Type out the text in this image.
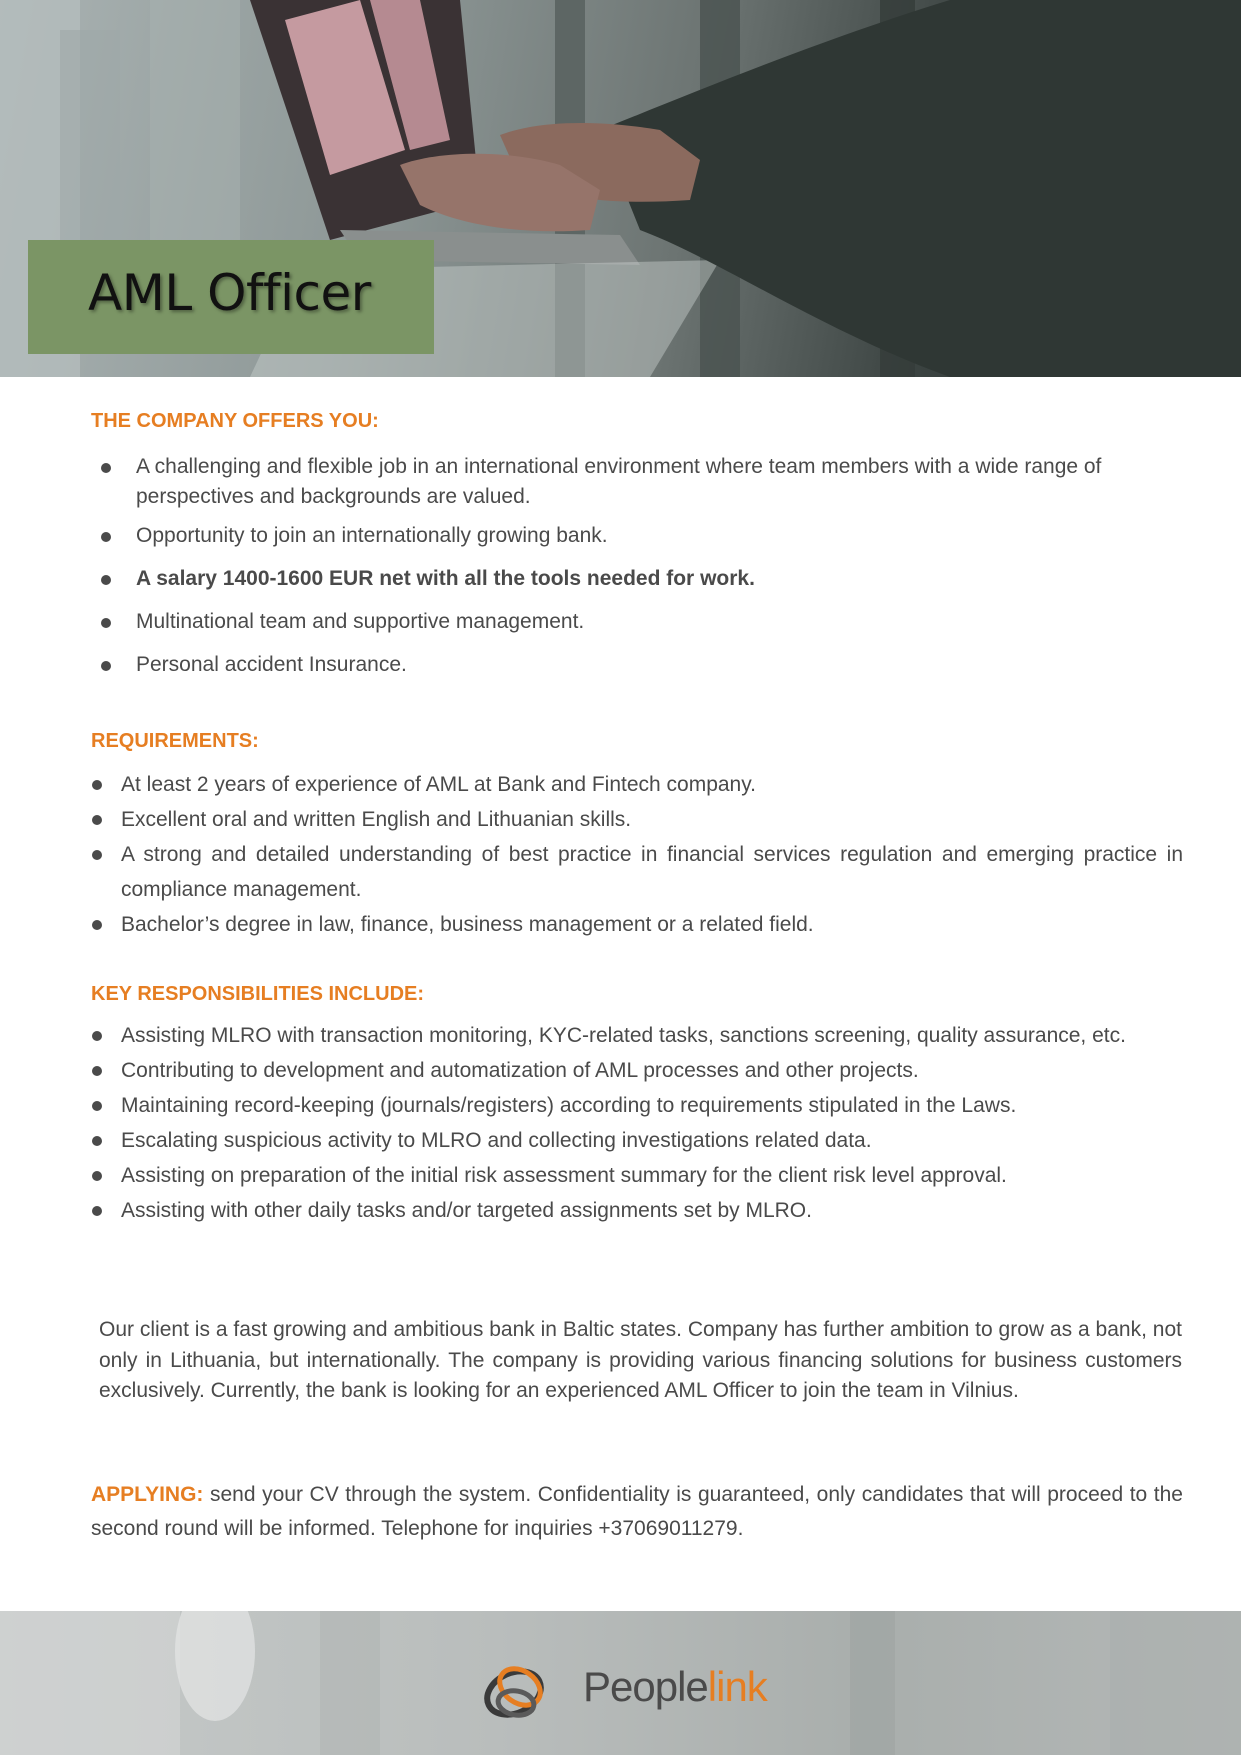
AML Officer
THE COMPANY OFFERS YOU:
A challenging and flexible job in an international environment where team members with a wide range of perspectives and backgrounds are valued.
Opportunity to join an internationally growing bank.
A salary 1400-1600 EUR net with all the tools needed for work.
Multinational team and supportive management.
Personal accident Insurance.
REQUIREMENTS:
At least 2 years of experience of AML at Bank and Fintech company.
Excellent oral and written English and Lithuanian skills.
A strong and detailed understanding of best practice in financial services regulation and emerging practice in compliance management.
Bachelor’s degree in law, finance, business management or a related field.
KEY RESPONSIBILITIES INCLUDE:
Assisting MLRO with transaction monitoring, KYC-related tasks, sanctions screening, quality assurance, etc.
Contributing to development and automatization of AML processes and other projects.
Maintaining record-keeping (journals/registers) according to requirements stipulated in the Laws.
Escalating suspicious activity to MLRO and collecting investigations related data.
Assisting on preparation of the initial risk assessment summary for the client risk level approval.
Assisting with other daily tasks and/or targeted assignments set by MLRO.
Our client is a fast growing and ambitious bank in Baltic states. Company has further ambition to grow as a bank, not only in Lithuania, but internationally. The company is providing various financing solutions for business customers exclusively. Currently, the bank is looking for an experienced AML Officer to join the team in Vilnius.
APPLYING: send your CV through the system. Confidentiality is guaranteed, only candidates that will proceed to the second round will be informed. Telephone for inquiries +37069011279.
Peoplelink
